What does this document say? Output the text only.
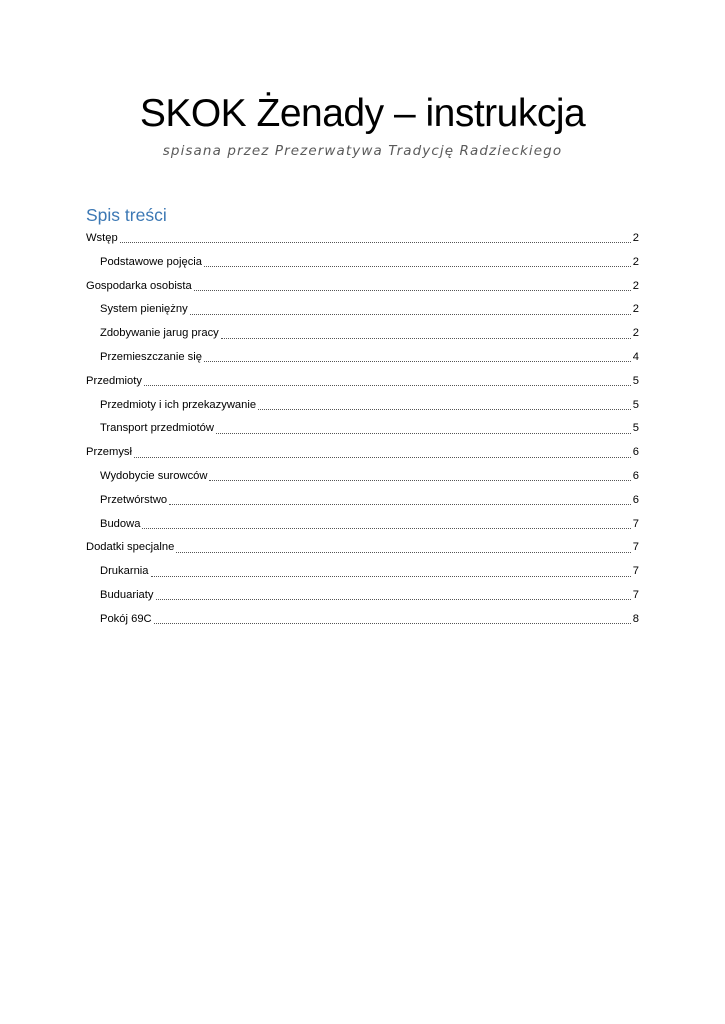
SKOK Żenady – instrukcja
spisana przez Prezerwatywa Tradycję Radzieckiego
Spis treści
Wstęp	2
Podstawowe pojęcia	2
Gospodarka osobista	2
System pieniężny	2
Zdobywanie jarug pracy	2
Przemieszczanie się	4
Przedmioty	5
Przedmioty i ich przekazywanie	5
Transport przedmiotów	5
Przemysł	6
Wydobycie surowców	6
Przetwórstwo	6
Budowa	7
Dodatki specjalne	7
Drukarnia	7
Buduariaty	7
Pokój 69C	8
